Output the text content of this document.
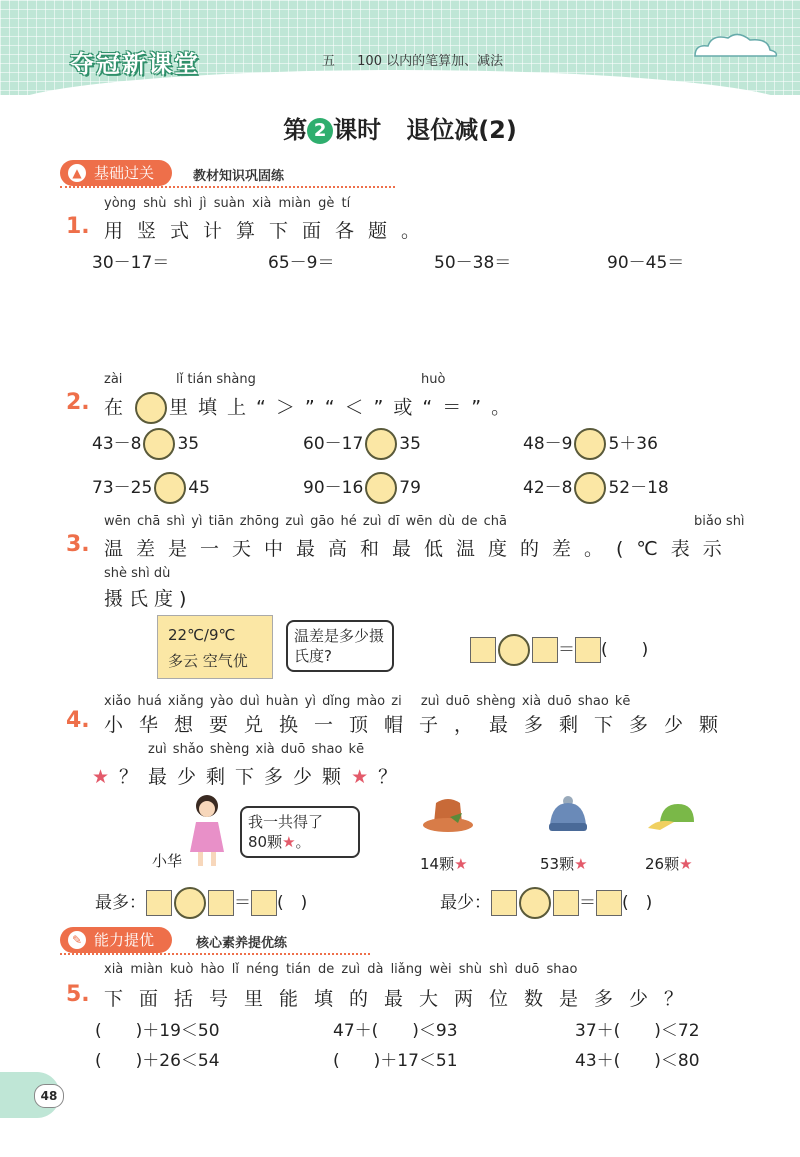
夺冠新课堂	五 100 以内的笔算加、减法
第 2 课时 退位减(2)
▲ 基础过关	教材知识巩固练
1.
yòng shù shì jì suàn xià miàn gè tí
用竖式计算下面各题。
30－17＝	65－9＝	50－38＝	90－45＝
zài	lǐ tián shàng	huò
2. 在 里填上“＞”“＜”或“＝”。
43－8 35	60－17 35	48－9 5＋36
73－25 45	90－16 79	42－8 52－18
wēn chā shì yì tiān zhōng zuì gāo hé zuì dī wēn dù de chā	biǎo shì
3. 温差是一天中最高和最低温度的差。(℃表示
shè shì dù
摄氏度)
22℃/9℃
多云 空气优
温差是多少摄氏度?	＝ (　　)
xiǎo huá xiǎng yào duì huàn yì dǐng mào zi　 zuì duō shèng xià duō shao kē
4. 小华想要兑换一顶帽子，最多剩下多少颗
zuì shǎo shèng xià duō shao kē
★？最少剩下多少颗★？
我一共得了
80颗★。
小华	14颗★	53颗★	26颗★
最多：	＝ (　)	最少：	＝ (　)
✎ 能力提优	核心素养提优练
xià miàn kuò hào lǐ néng tián de zuì dà liǎng wèi shù shì duō shao
5. 下面括号里能填的最大两位数是多少？
(　　)＋19＜50	47＋(　　)＜93	37＋(　　)＜72
(　　)＋26＜54	(　　)＋17＜51	43＋(　　)＜80
48
